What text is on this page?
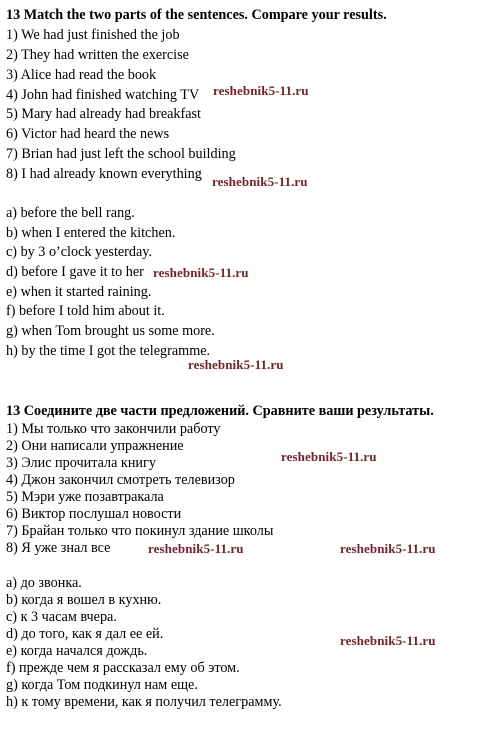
13 Match the two parts of the sentences. Compare your results.
1) We had just finished the job
2) They had written the exercise
3) Alice had read the book
4) John had finished watching TV
5) Mary had already had breakfast
6) Victor had heard the news
7) Brian had just left the school building
8) I had already known everything
a) before the bell rang.
b) when I entered the kitchen.
c) by 3 o’clock yesterday.
d) before I gave it to her
e) when it started raining.
f) before I told him about it.
g) when Tom brought us some more.
h) by the time I got the telegramme.
13 Соедините две части предложений. Сравните ваши результаты.
1) Мы только что закончили работу
2) Они написали упражнение
3) Элис прочитала книгу
4) Джон закончил смотреть телевизор
5) Мэри уже позавтракала
6) Виктор послушал новости
7) Брайан только что покинул здание школы
8) Я уже знал все
a) до звонка.
b) когда я вошел в кухню.
c) к 3 часам вчера.
d) до того, как я дал ее ей.
e) когда начался дождь.
f) прежде чем я рассказал ему об этом.
g) когда Том подкинул нам еще.
h) к тому времени, как я получил телеграмму.
reshebnik5-11.ru
reshebnik5-11.ru
reshebnik5-11.ru
reshebnik5-11.ru
reshebnik5-11.ru
reshebnik5-11.ru	reshebnik5-11.ru
reshebnik5-11.ru
